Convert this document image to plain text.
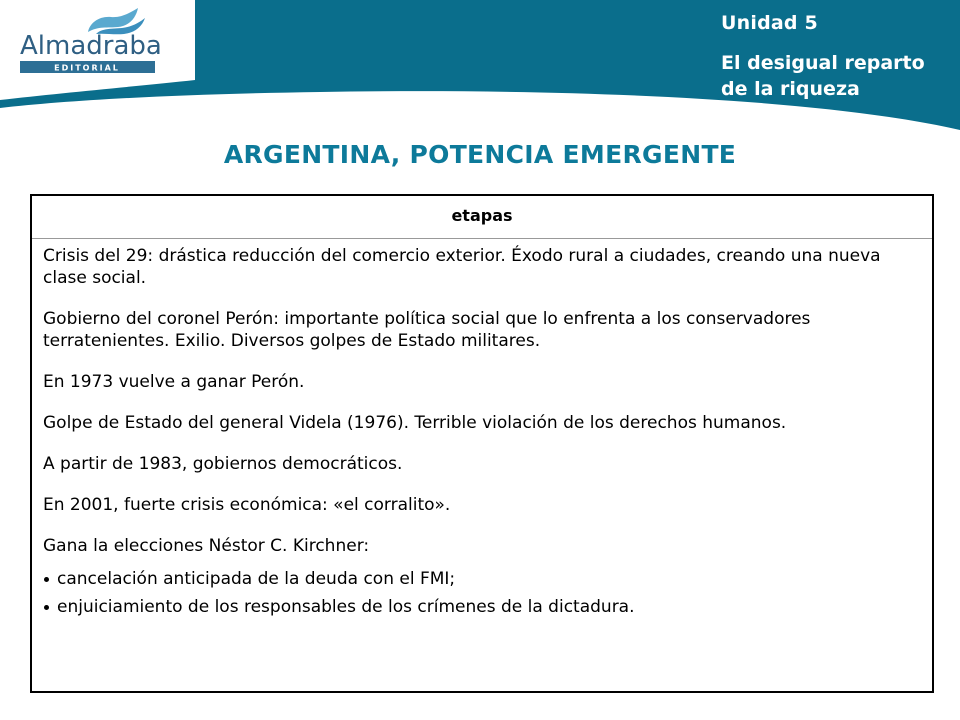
Almadraba
EDITORIAL
Unidad 5
El desigual reparto de la riqueza
ARGENTINA, POTENCIA EMERGENTE
etapas

Crisis del 29: drástica reducción del comercio exterior. Éxodo rural a ciudades, creando una nueva clase social.

Gobierno del coronel Perón: importante política social que lo enfrenta a los conservadores terratenientes. Exilio. Diversos golpes de Estado militares.

En 1973 vuelve a ganar Perón.

Golpe de Estado del general Videla (1976). Terrible violación de los derechos humanos.

A partir de 1983, gobiernos democráticos.

En 2001, fuerte crisis económica: «el corralito».

Gana la elecciones Néstor C. Kirchner:

cancelación anticipada de la deuda con el FMI;
enjuiciamiento de los responsables de los crímenes de la dictadura.
